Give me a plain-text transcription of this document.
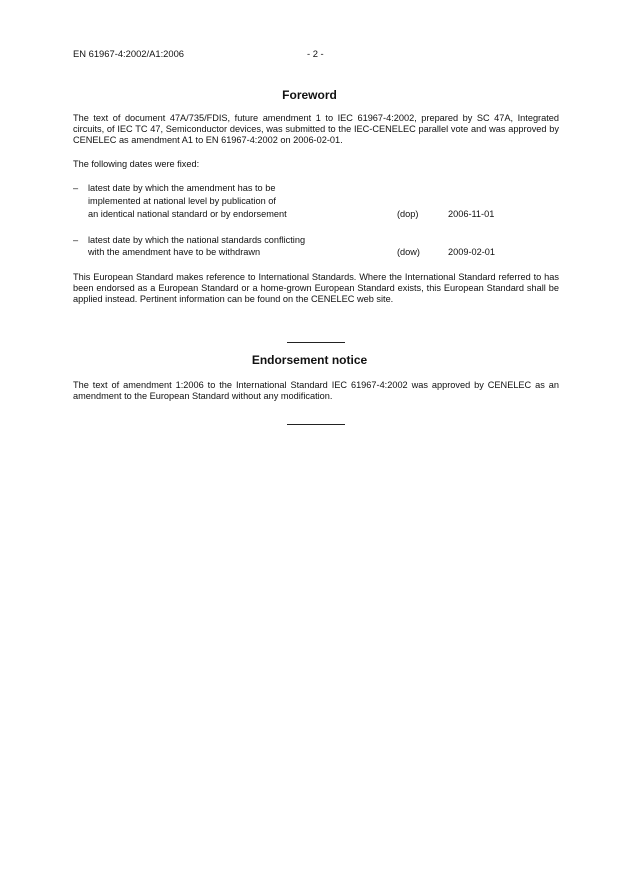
EN 61967-4:2002/A1:2006	- 2 -
Foreword
The text of document 47A/735/FDIS, future amendment 1 to IEC 61967-4:2002, prepared by SC 47A, Integrated circuits, of IEC TC 47, Semiconductor devices, was submitted to the IEC-CENELEC parallel vote and was approved by CENELEC as amendment A1 to EN 61967-4:2002 on 2006-02-01.
The following dates were fixed:
– latest date by which the amendment has to be
implemented at national level by publication of
an identical national standard or by endorsement	(dop)	2006-11-01
– latest date by which the national standards conflicting
with the amendment have to be withdrawn	(dow)	2009-02-01
This European Standard makes reference to International Standards. Where the International Standard referred to has been endorsed as a European Standard or a home-grown European Standard exists, this European Standard shall be applied instead. Pertinent information can be found on the CENELEC web site.
Endorsement notice
The text of amendment 1:2006 to the International Standard IEC 61967-4:2002 was approved by CENELEC as an amendment to the European Standard without any modification.
